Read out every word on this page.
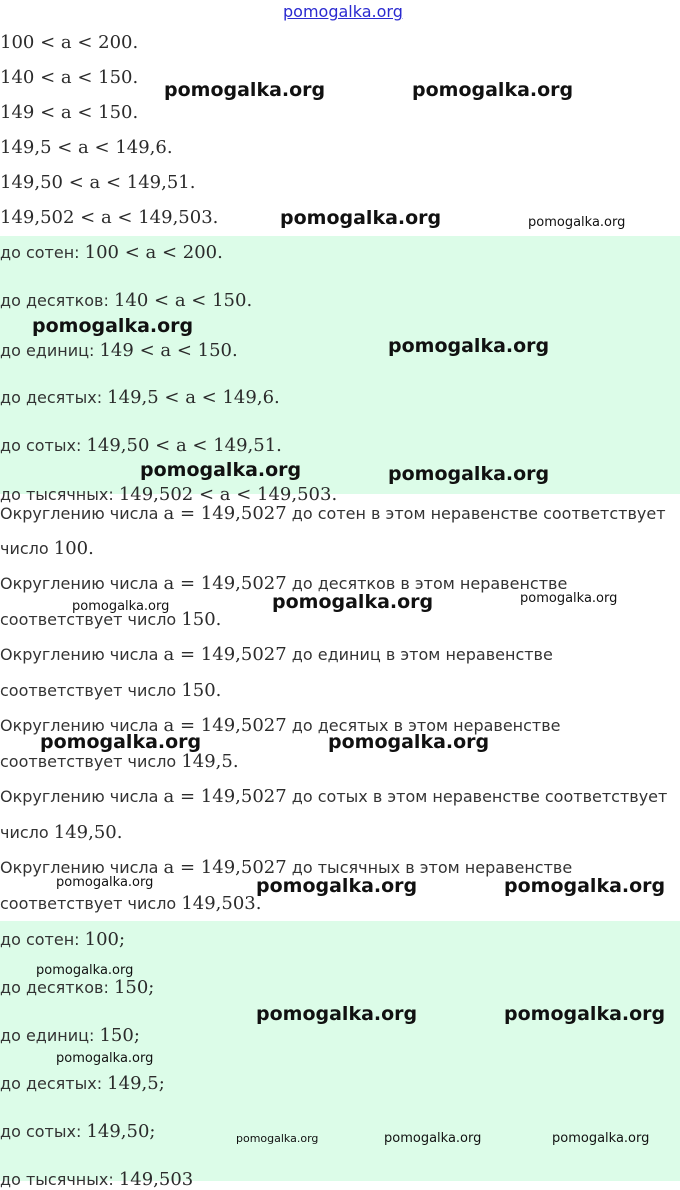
pomogalka.org
100 < a < 200.
140 < a < 150.
149 < a < 150.
149,5 < a < 149,6.
149,50 < a < 149,51.
149,502 < a < 149,503.
до сотен: 100 < a < 200.
до десятков: 140 < a < 150.
до единиц: 149 < a < 150.
до десятых: 149,5 < a < 149,6.
до сотых: 149,50 < a < 149,51.
до тысячных: 149,502 < a < 149,503.
Округлению числа a = 149,5027 до сотен в этом неравенстве соответствует
число 100.
Округлению числа a = 149,5027 до десятков в этом неравенстве
соответствует число 150.
Округлению числа a = 149,5027 до единиц в этом неравенстве
соответствует число 150.
Округлению числа a = 149,5027 до десятых в этом неравенстве
соответствует число 149,5.
Округлению числа a = 149,5027 до сотых в этом неравенстве соответствует
число 149,50.
Округлению числа a = 149,5027 до тысячных в этом неравенстве
соответствует число 149,503.
до сотен: 100;
до десятков: 150;
до единиц: 150;
до десятых: 149,5;
до сотых: 149,50;
до тысячных: 149,503
pomogalka.org	pomogalka.org
pomogalka.org	pomogalka.org
pomogalka.org
pomogalka.org
pomogalka.org	pomogalka.org
pomogalka.org	pomogalka.org	pomogalka.org
pomogalka.org	pomogalka.org
pomogalka.org	pomogalka.org	pomogalka.org
pomogalka.org
pomogalka.org	pomogalka.org
pomogalka.org
pomogalka.org	pomogalka.org	pomogalka.org
